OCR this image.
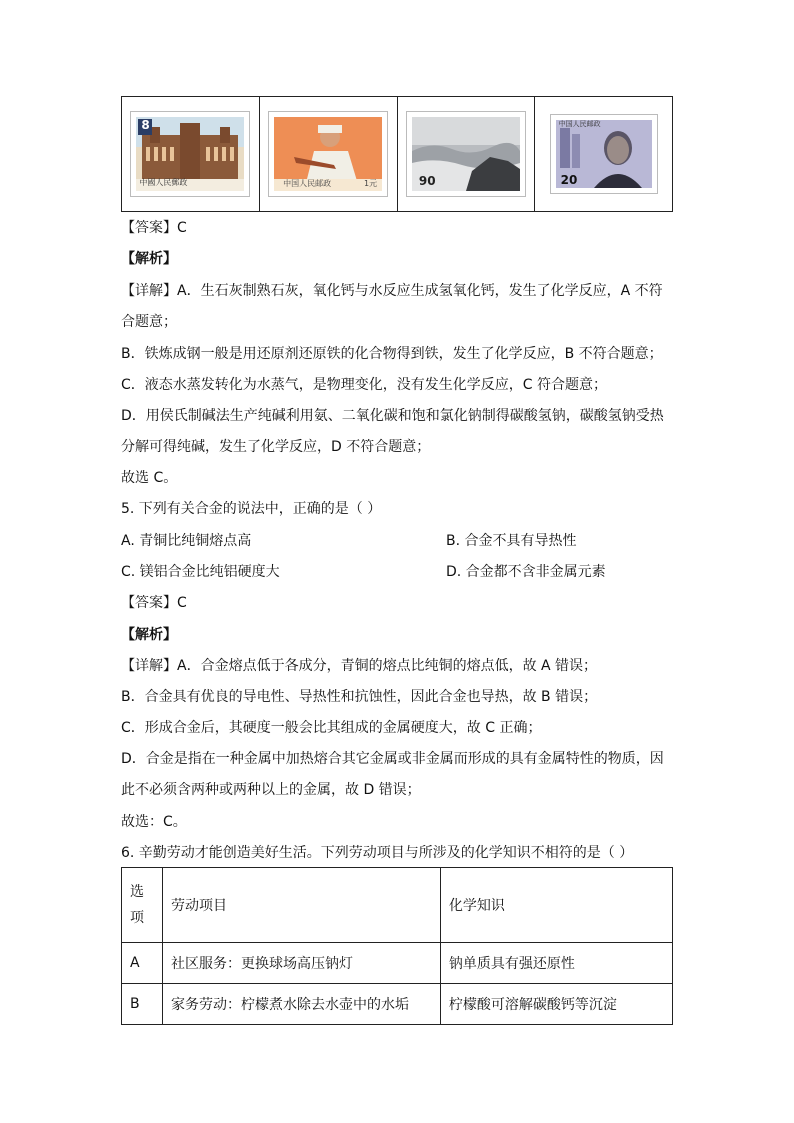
8
中國人民郵政	中国人民邮政	1元	90
中国人民邮政
20
【答案】C
【解析】
【详解】A．生石灰制熟石灰，氧化钙与水反应生成氢氧化钙，发生了化学反应，A 不符
合题意；
B．铁炼成钢一般是用还原剂还原铁的化合物得到铁，发生了化学反应，B 不符合题意；
C．液态水蒸发转化为水蒸气，是物理变化，没有发生化学反应，C 符合题意；
D．用侯氏制碱法生产纯碱利用氨、二氧化碳和饱和氯化钠制得碳酸氢钠，碳酸氢钠受热
分解可得纯碱，发生了化学反应，D 不符合题意；
故选 C。
5. 下列有关合金的说法中，正确的是（ ）
A. 青铜比纯铜熔点高	B. 合金不具有导热性
C. 镁铝合金比纯铝硬度大	D. 合金都不含非金属元素
【答案】C
【解析】
【详解】A．合金熔点低于各成分，青铜的熔点比纯铜的熔点低，故 A 错误；
B．合金具有优良的导电性、导热性和抗蚀性，因此合金也导热，故 B 错误；
C．形成合金后，其硬度一般会比其组成的金属硬度大，故 C 正确；
D．合金是指在一种金属中加热熔合其它金属或非金属而形成的具有金属特性的物质，因
此不必须含两种或两种以上的金属，故 D 错误；
故选：C。
6. 辛勤劳动才能创造美好生活。下列劳动项目与所涉及的化学知识不相符的是（ ）
选
项	劳动项目	化学知识
A	社区服务：更换球场高压钠灯	钠单质具有强还原性
B	家务劳动：柠檬煮水除去水壶中的水垢	柠檬酸可溶解碳酸钙等沉淀
